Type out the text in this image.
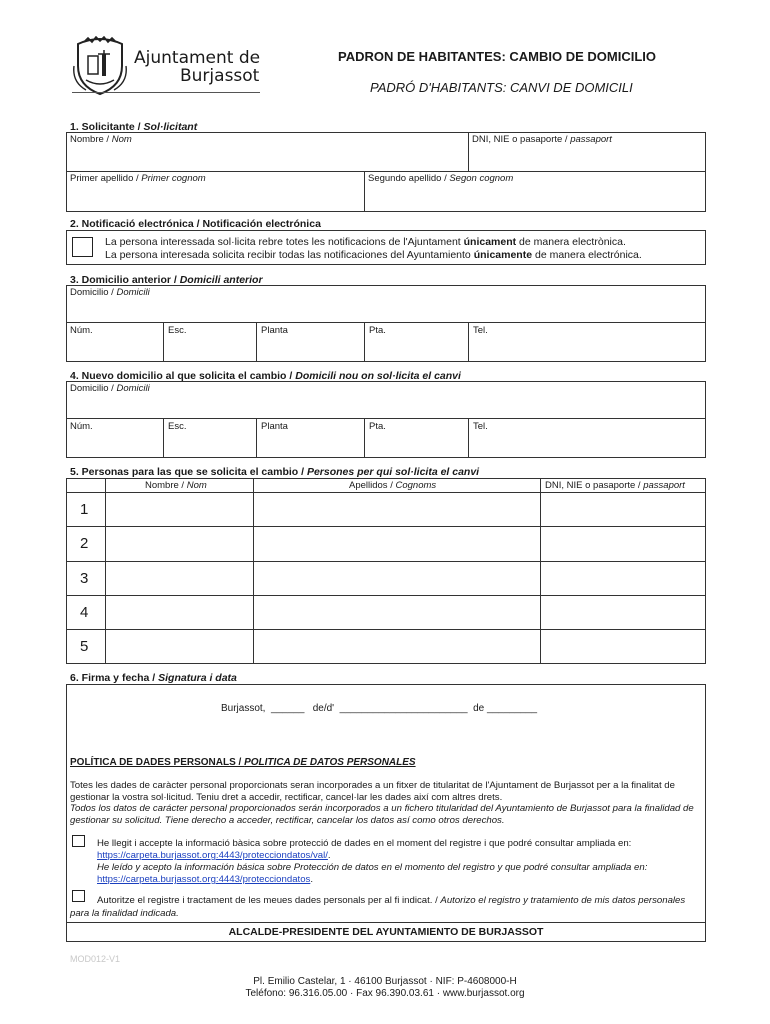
Ajuntament de
Burjassot
PADRON DE HABITANTES: CAMBIO DE DOMICILIO
PADRÓ D'HABITANTS: CANVI DE DOMICILI
1. Solicitante / Sol·licitant
Nombre / Nom	DNI, NIE o pasaporte / passaport
Primer apellido / Primer cognom	Segundo apellido / Segon cognom
2. Notificació electrónica / Notificación electrónica
La persona interessada sol·licita rebre totes les notificacions de l'Ajuntament únicament de manera electrònica.
La persona interesada solicita recibir todas las notificaciones del Ayuntamiento únicamente de manera electrónica.
3. Domicilio anterior / Domicili anterior
Domicilio / Domicili
Núm.	Esc.	Planta	Pta.	Tel.
4. Nuevo domicilio al que solicita el cambio / Domicili nou on sol·licita el canvi
Domicilio / Domicili
Núm.	Esc.	Planta	Pta.	Tel.
5. Personas para las que se solicita el cambio / Persones per qui sol·licita el canvi
Nombre / Nom	Apellidos / Cognoms	DNI, NIE o pasaporte / passaport
1
2
3
4
5
6. Firma y fecha / Signatura i data
Burjassot,  ______   de/d'  _______________________  de _________
POLÍTICA DE DADES PERSONALS / POLITICA DE DATOS PERSONALES
Totes les dades de caràcter personal proporcionats seran incorporades a un fitxer de titularitat de l'Ajuntament de Burjassot per a la finalitat de gestionar la vostra sol·licitud. Teniu dret a accedir, rectificar, cancel·lar les dades així com altres drets.
Todos los datos de carácter personal proporcionados serán incorporados a un fichero titularidad del Ayuntamiento de Burjassot para la finalidad de gestionar su solicitud. Tiene derecho a acceder, rectificar, cancelar los datos así como otros derechos.
He llegit i accepte la informació bàsica sobre protecció de dades en el moment del registre i que podré consultar ampliada en:
https://carpeta.burjassot.org:4443/protecciondatos/val/.
He leído y acepto la información básica sobre Protección de datos en el momento del registro y que podré consultar ampliada en:
https://carpeta.burjassot.org:4443/protecciondatos.
Autoritze el registre i tractament de les meues dades personals per al fi indicat. / Autorizo el registro y tratamiento de mis datos personales para la finalidad indicada.
ALCALDE-PRESIDENTE DEL AYUNTAMIENTO DE BURJASSOT
MOD012-V1
Pl. Emilio Castelar, 1 · 46100 Burjassot · NIF: P-4608000-H
Teléfono: 96.316.05.00 · Fax 96.390.03.61 · www.burjassot.org
